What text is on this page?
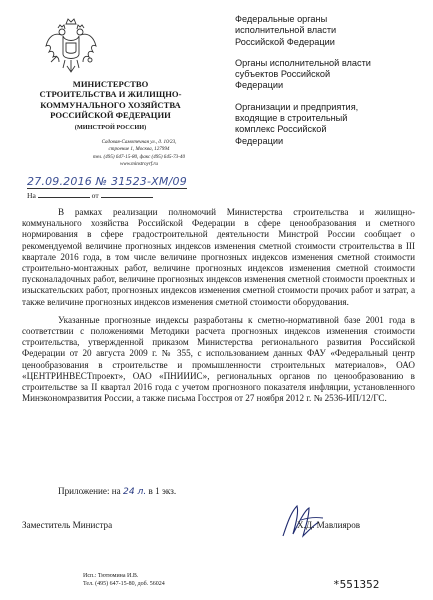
МИНИСТЕРСТВО
СТРОИТЕЛЬСТВА И ЖИЛИЩНО-
КОММУНАЛЬНОГО ХОЗЯЙСТВА
РОССИЙСКОЙ ФЕДЕРАЦИИ
(МИНСТРОЙ РОССИИ)
Садовая-Самотечная ул., д. 10/23,
строение 1, Москва, 127994
тел. (495) 647-15-80, факс (495) 645-73-40
www.minstroyrf.ru
27.09.2016 № 31523-ХМ/09
На	от
Федеральные органы
исполнительной власти
Российской Федерации
Органы исполнительной власти
субъектов Российской
Федерации
Организации и предприятия,
входящие в строительный
комплекс Российской
Федерации

В рамках реализации полномочий Министерства строительства и жилищно-коммунального хозяйства Российской Федерации в сфере ценообразования и сметного нормирования в сфере градостроительной деятельности Минстрой России сообщает о рекомендуемой величине прогнозных индексов изменения сметной стоимости строительства в III квартале 2016 года, в том числе величине прогнозных индексов изменения сметной стоимости строительно-монтажных работ, величине прогнозных индексов изменения сметной стоимости пусконаладочных работ, величине прогнозных индексов изменения сметной стоимости проектных и изыскательских работ, прогнозных индексов изменения сметной стоимости прочих работ и затрат, а также величине прогнозных индексов изменения сметной стоимости оборудования.

Указанные прогнозные индексы разработаны к сметно-нормативной базе 2001 года в соответствии с положениями Методики расчета прогнозных индексов изменения стоимости строительства, утвержденной приказом Министерства регионального развития Российской Федерации от 20 августа 2009 г. № 355, с использованием данных ФАУ «Федеральный центр ценообразования в строительстве и промышленности строительных материалов», ОАО «ЦЕНТРИНВЕСТпроект», ОАО «ПНИИИС», региональных органов по ценообразованию в строительстве за II квартал 2016 года с учетом прогнозного показателя инфляции, установленного Минэкономразвития России, а также письма Госстроя от 27 ноября 2012 г. № 2536-ИП/12/ГС.

Приложение: на 24 л. в 1 экз.
Заместитель Министра	Х.Д. Мавлияров
Исп.: Тютюмина И.В.
Тел. (495) 647-15-80, доб. 56024	*551352
